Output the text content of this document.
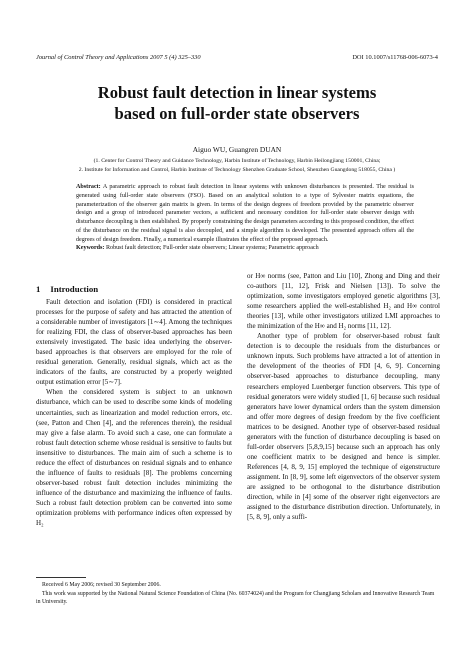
Journal of Control Theory and Applications 2007 5 (4) 325–330	DOI 10.1007/s11768-006-6073-4
Robust fault detection in linear systems
based on full-order state observers
Aiguo WU, Guangren DUAN
(1. Center for Control Theory and Guidance Technology, Harbin Institute of Technology, Harbin Heilongjiang 150001, China;
2. Institute for Information and Control, Harbin Institute of Technology Shenzhen Graduate School, Shenzhen Guangdong 518055, China )
Abstract: A parametric approach to robust fault detection in linear systems with unknown disturbances is presented. The residual is generated using full-order state observers (FSO). Based on an analytical solution to a type of Sylvester matrix equations, the parameterization of the observer gain matrix is given. In terms of the design degrees of freedom provided by the parametric observer design and a group of introduced parameter vectors, a sufficient and necessary condition for full-order state observer design with disturbance decoupling is then established. By properly constraining the design parameters according to this proposed condition, the effect of the disturbance on the residual signal is also decoupled, and a simple algorithm is developed. The presented approach offers all the degrees of design freedom. Finally, a numerical example illustrates the effect of the proposed approach.
Keywords: Robust fault detection; Full-order state observers; Linear systems; Parametric approach
1 Introduction

Fault detection and isolation (FDI) is considered in practical processes for the purpose of safety and has attracted the attention of a considerable number of investigators [1∼4]. Among the techniques for realizing FDI, the class of observer-based approaches has been extensively investigated. The basic idea underlying the observer-based approaches is that observers are employed for the role of residual generation. Generally, residual signals, which act as the indicators of the faults, are constructed by a properly weighted output estimation error [5∼7].

When the considered system is subject to an unknown disturbance, which can be used to describe some kinds of modeling uncertainties, such as linearization and model reduction errors, etc. (see, Patton and Chen [4], and the references therein), the residual may give a false alarm. To avoid such a case, one can formulate a robust fault detection scheme whose residual is sensitive to faults but insensitive to disturbances. The main aim of such a scheme is to reduce the effect of disturbances on residual signals and to enhance the influence of faults to residuals [8]. The problems concerning observer-based robust fault detection includes minimizing the influence of the disturbance and maximizing the influence of faults. Such a robust fault detection problem can be converted into some optimization problems with performance indices often expressed by H₂

or H∞ norms (see, Patton and Liu [10], Zhong and Ding and their co-authors [11, 12], Frisk and Nielsen [13]). To solve the optimization, some investigators employed genetic algorithms [3], some researchers applied the well-established H₂ and H∞ control theories [13], while other investigators utilized LMI approaches to the minimization of the H∞ and H₂ norms [11, 12].

Another type of problem for observer-based robust fault detection is to decouple the residuals from the disturbances or unknown inputs. Such problems have attracted a lot of attention in the development of the theories of FDI [4, 6, 9]. Concerning observer-based approaches to disturbance decoupling, many researchers employed Luenberger function observers. This type of residual generators were widely studied [1, 6] because such residual generators have lower dynamical orders than the system dimension and offer more degrees of design freedom by the five coefficient matrices to be designed. Another type of observer-based residual generators with the function of disturbance decoupling is based on full-order observers [5,8,9,15] because such an approach has only one coefficient matrix to be designed and hence is simpler. References [4, 8, 9, 15] employed the technique of eigenstructure assignment. In [8, 9], some left eigenvectors of the observer system are assigned to be orthogonal to the disturbance distribution direction, while in [4] some of the observer right eigenvectors are assigned to the disturbance distribution direction. Unfortunately, in [5, 8, 9], only a suffi-

Received 6 May 2006; revised 30 September 2006.
This work was supported by the National Natural Science Foundation of China (No. 60374024) and the Program for Changjiang Scholars and Innovative Research Team in University.
